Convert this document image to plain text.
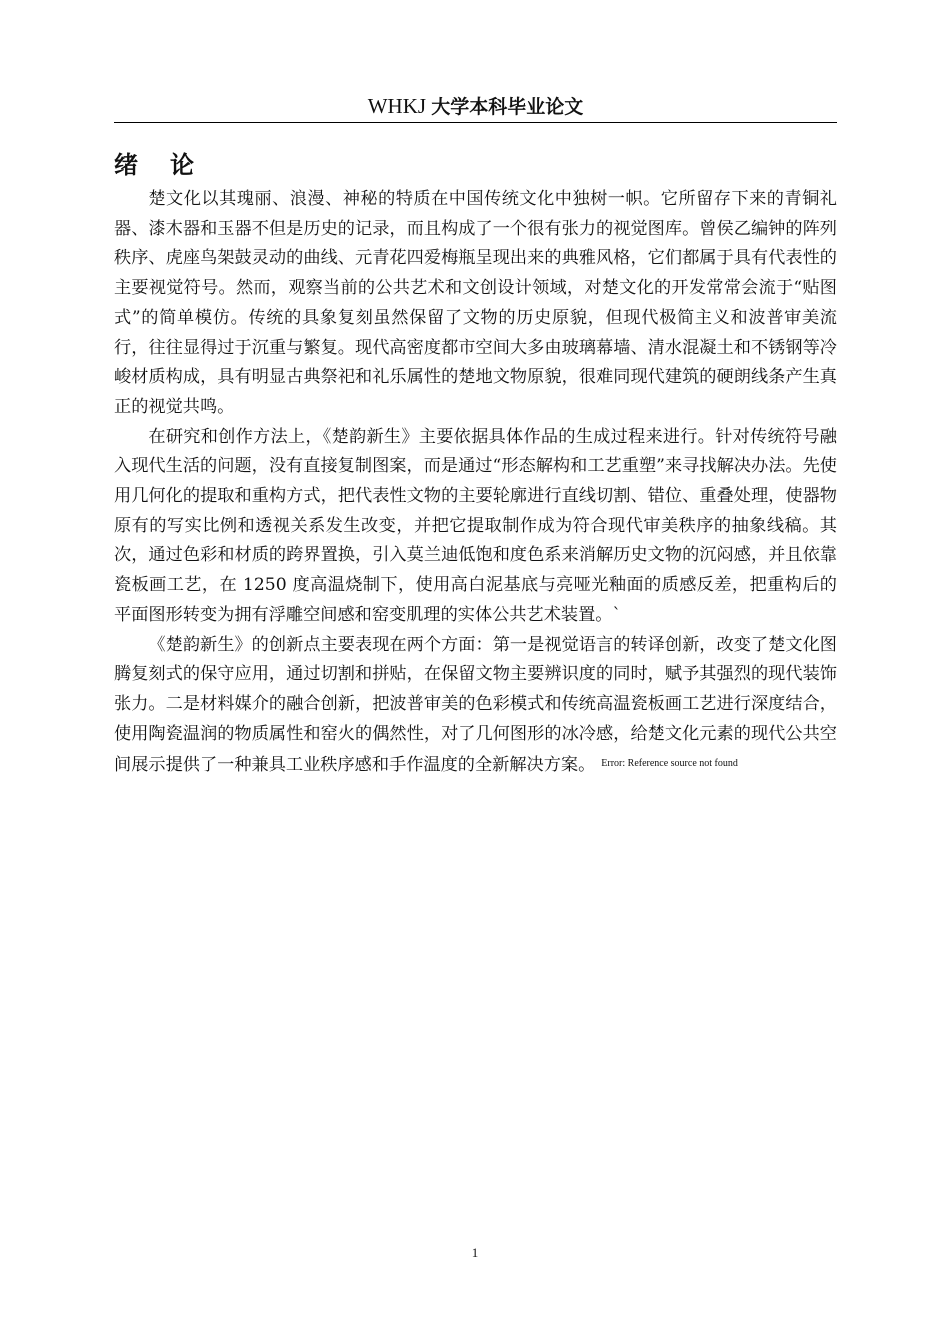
WHKJ 大学本科毕业论文
绪论

楚文化以其瑰丽、浪漫、神秘的特质在中国传统文化中独树一帜。它所留存下来的青铜礼器、漆木器和玉器不但是历史的记录，而且构成了一个很有张力的视觉图库。曾侯乙编钟的阵列秩序、虎座鸟架鼓灵动的曲线、元青花四爱梅瓶呈现出来的典雅风格，它们都属于具有代表性的主要视觉符号。然而，观察当前的公共艺术和文创设计领域，对楚文化的开发常常会流于“贴图式”的简单模仿。传统的具象复刻虽然保留了文物的历史原貌，但现代极简主义和波普审美流行，往往显得过于沉重与繁复。现代高密度都市空间大多由玻璃幕墙、清水混凝土和不锈钢等冷峻材质构成，具有明显古典祭祀和礼乐属性的楚地文物原貌，很难同现代建筑的硬朗线条产生真正的视觉共鸣。

在研究和创作方法上，《楚韵新生》主要依据具体作品的生成过程来进行。针对传统符号融入现代生活的问题，没有直接复制图案，而是通过“形态解构和工艺重塑”来寻找解决办法。先使用几何化的提取和重构方式，把代表性文物的主要轮廓进行直线切割、错位、重叠处理，使器物原有的写实比例和透视关系发生改变，并把它提取制作成为符合现代审美秩序的抽象线稿。其次，通过色彩和材质的跨界置换，引入莫兰迪低饱和度色系来消解历史文物的沉闷感，并且依靠瓷板画工艺，在 1250 度高温烧制下，使用高白泥基底与亮哑光釉面的质感反差，把重构后的平面图形转变为拥有浮雕空间感和窑变肌理的实体公共艺术装置。`

《楚韵新生》的创新点主要表现在两个方面：第一是视觉语言的转译创新，改变了楚文化图腾复刻式的保守应用，通过切割和拼贴，在保留文物主要辨识度的同时，赋予其强烈的现代装饰张力。二是材料媒介的融合创新，把波普审美的色彩模式和传统高温瓷板画工艺进行深度结合，使用陶瓷温润的物质属性和窑火的偶然性，对了几何图形的冰冷感，给楚文化元素的现代公共空间展示提供了一种兼具工业秩序感和手作温度的全新解决方案。 $^{Error: Reference source not found}$

1
